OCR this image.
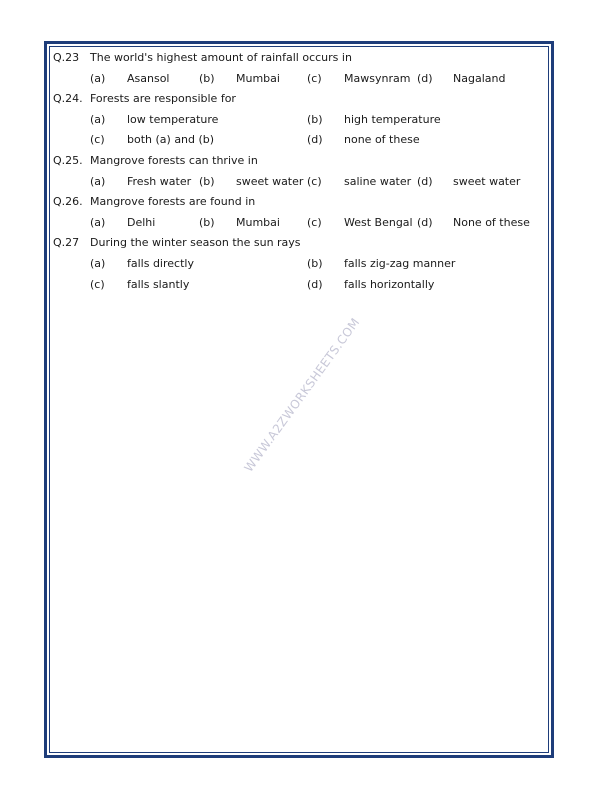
WWW.A2ZWORKSHEETS.COM
Q.23 The world's highest amount of rainfall occurs in
(a) Asansol	(b) Mumbai (c) Mawsynram (d) Nagaland
Q.24. Forests are responsible for
(a) low temperature	(b) high temperature
(c) both (a) and (b)	(d) none of these
Q.25. Mangrove forests can thrive in
(a) Fresh water (b) sweet water (c) saline water (d) sweet water
Q.26. Mangrove forests are found in
(a) Delhi	(b) Mumbai (c) West Bengal (d) None of these
Q.27 During the winter season the sun rays
(a) falls directly	(b) falls zig-zag manner
(c) falls slantly	(d) falls horizontally
